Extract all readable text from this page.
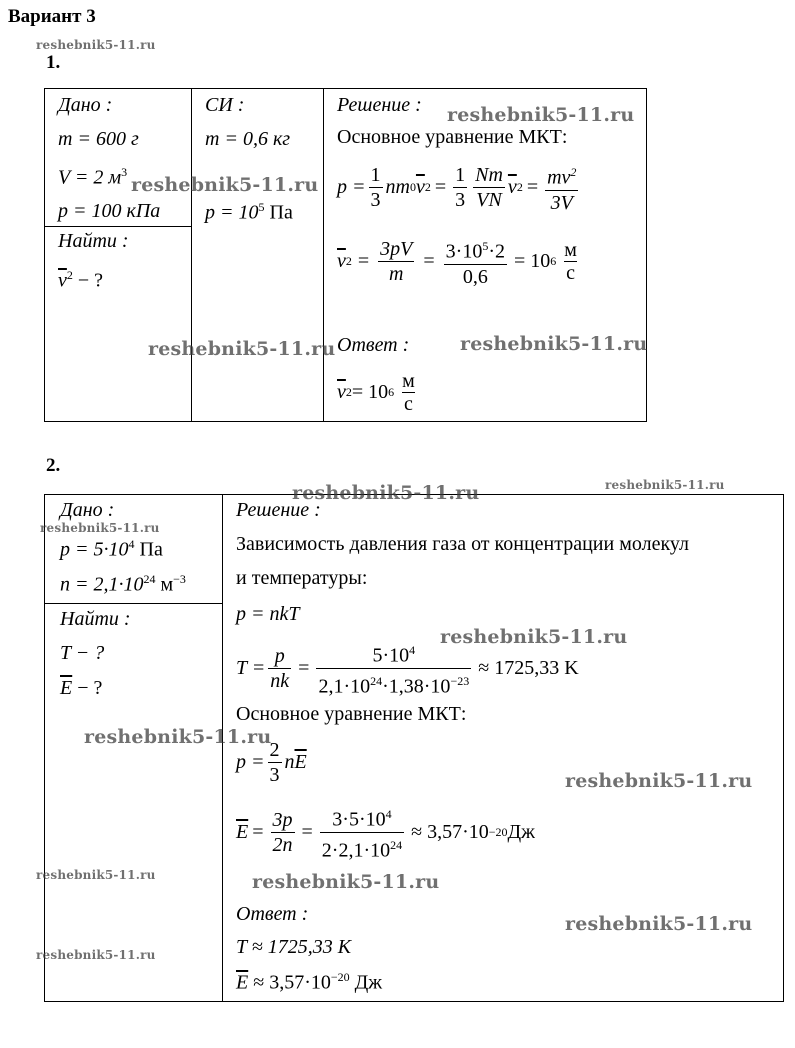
Вариант 3
reshebnik5-11.ru
1.
Дано :
m = 600 г
V = 2 $м^3$
p = 100 кПа
Найти :
$\overline{v}^2$ − ?
СИ :
m = 0,6 кг
$p = 10^5$ Па
Решение :
Основное уравнение МКТ:
$p = \frac{1}{3}$ nm 0 $\overline{v}$ $2 = \frac{1}{3} \frac{Nm}{VN} \overline{v}$ $2 = \frac{mv^2}{3V}$
$\overline{v}$ $2 = \frac{3pV}{m} = \frac{3\cdot 10^5\cdot 2}{0,6} = 10$ 6 м
с
Ответ :
$\overline{v}$ 2 = 10 6 м
с
reshebnik5-11.ru
reshebnik5-11.ru
reshebnik5-11.ru	reshebnik5-11.ru
2.
Дано :
$p = 5\cdot 10^4$ Па
$n = 2,1\cdot 10^{24}$ $м^{-3}$
Найти :
T − ?
$\overline{E}$ − ?
Решение :
Зависимость давления газа от концентрации молекул
и температуры:
p = nkT
$T = \frac{p}{nk} = \frac{5\cdot 10^4}{2,1\cdot 10^{24}\cdot 1,38\cdot 10^{-23}} \approx 1725,33$ K
Основное уравнение МКТ:
$p = \frac{2}{3}$ n $\overline{E}$
$\overline{E} = \frac{3p}{2n} = \frac{3\cdot 5\cdot 10^4}{2\cdot 2,1\cdot 10^{24}} \approx 3,57\cdot 10 -20$ Дж
Ответ :
T ≈ 1725,33 K
$\overline{E} \approx 3,57\cdot 10^{-20}$ Дж
reshebnik5-11.ru	reshebnik5-11.ru
reshebnik5-11.ru
reshebnik5-11.ru
reshebnik5-11.ru
reshebnik5-11.ru
reshebnik5-11.ru	reshebnik5-11.ru
reshebnik5-11.ru
reshebnik5-11.ru
